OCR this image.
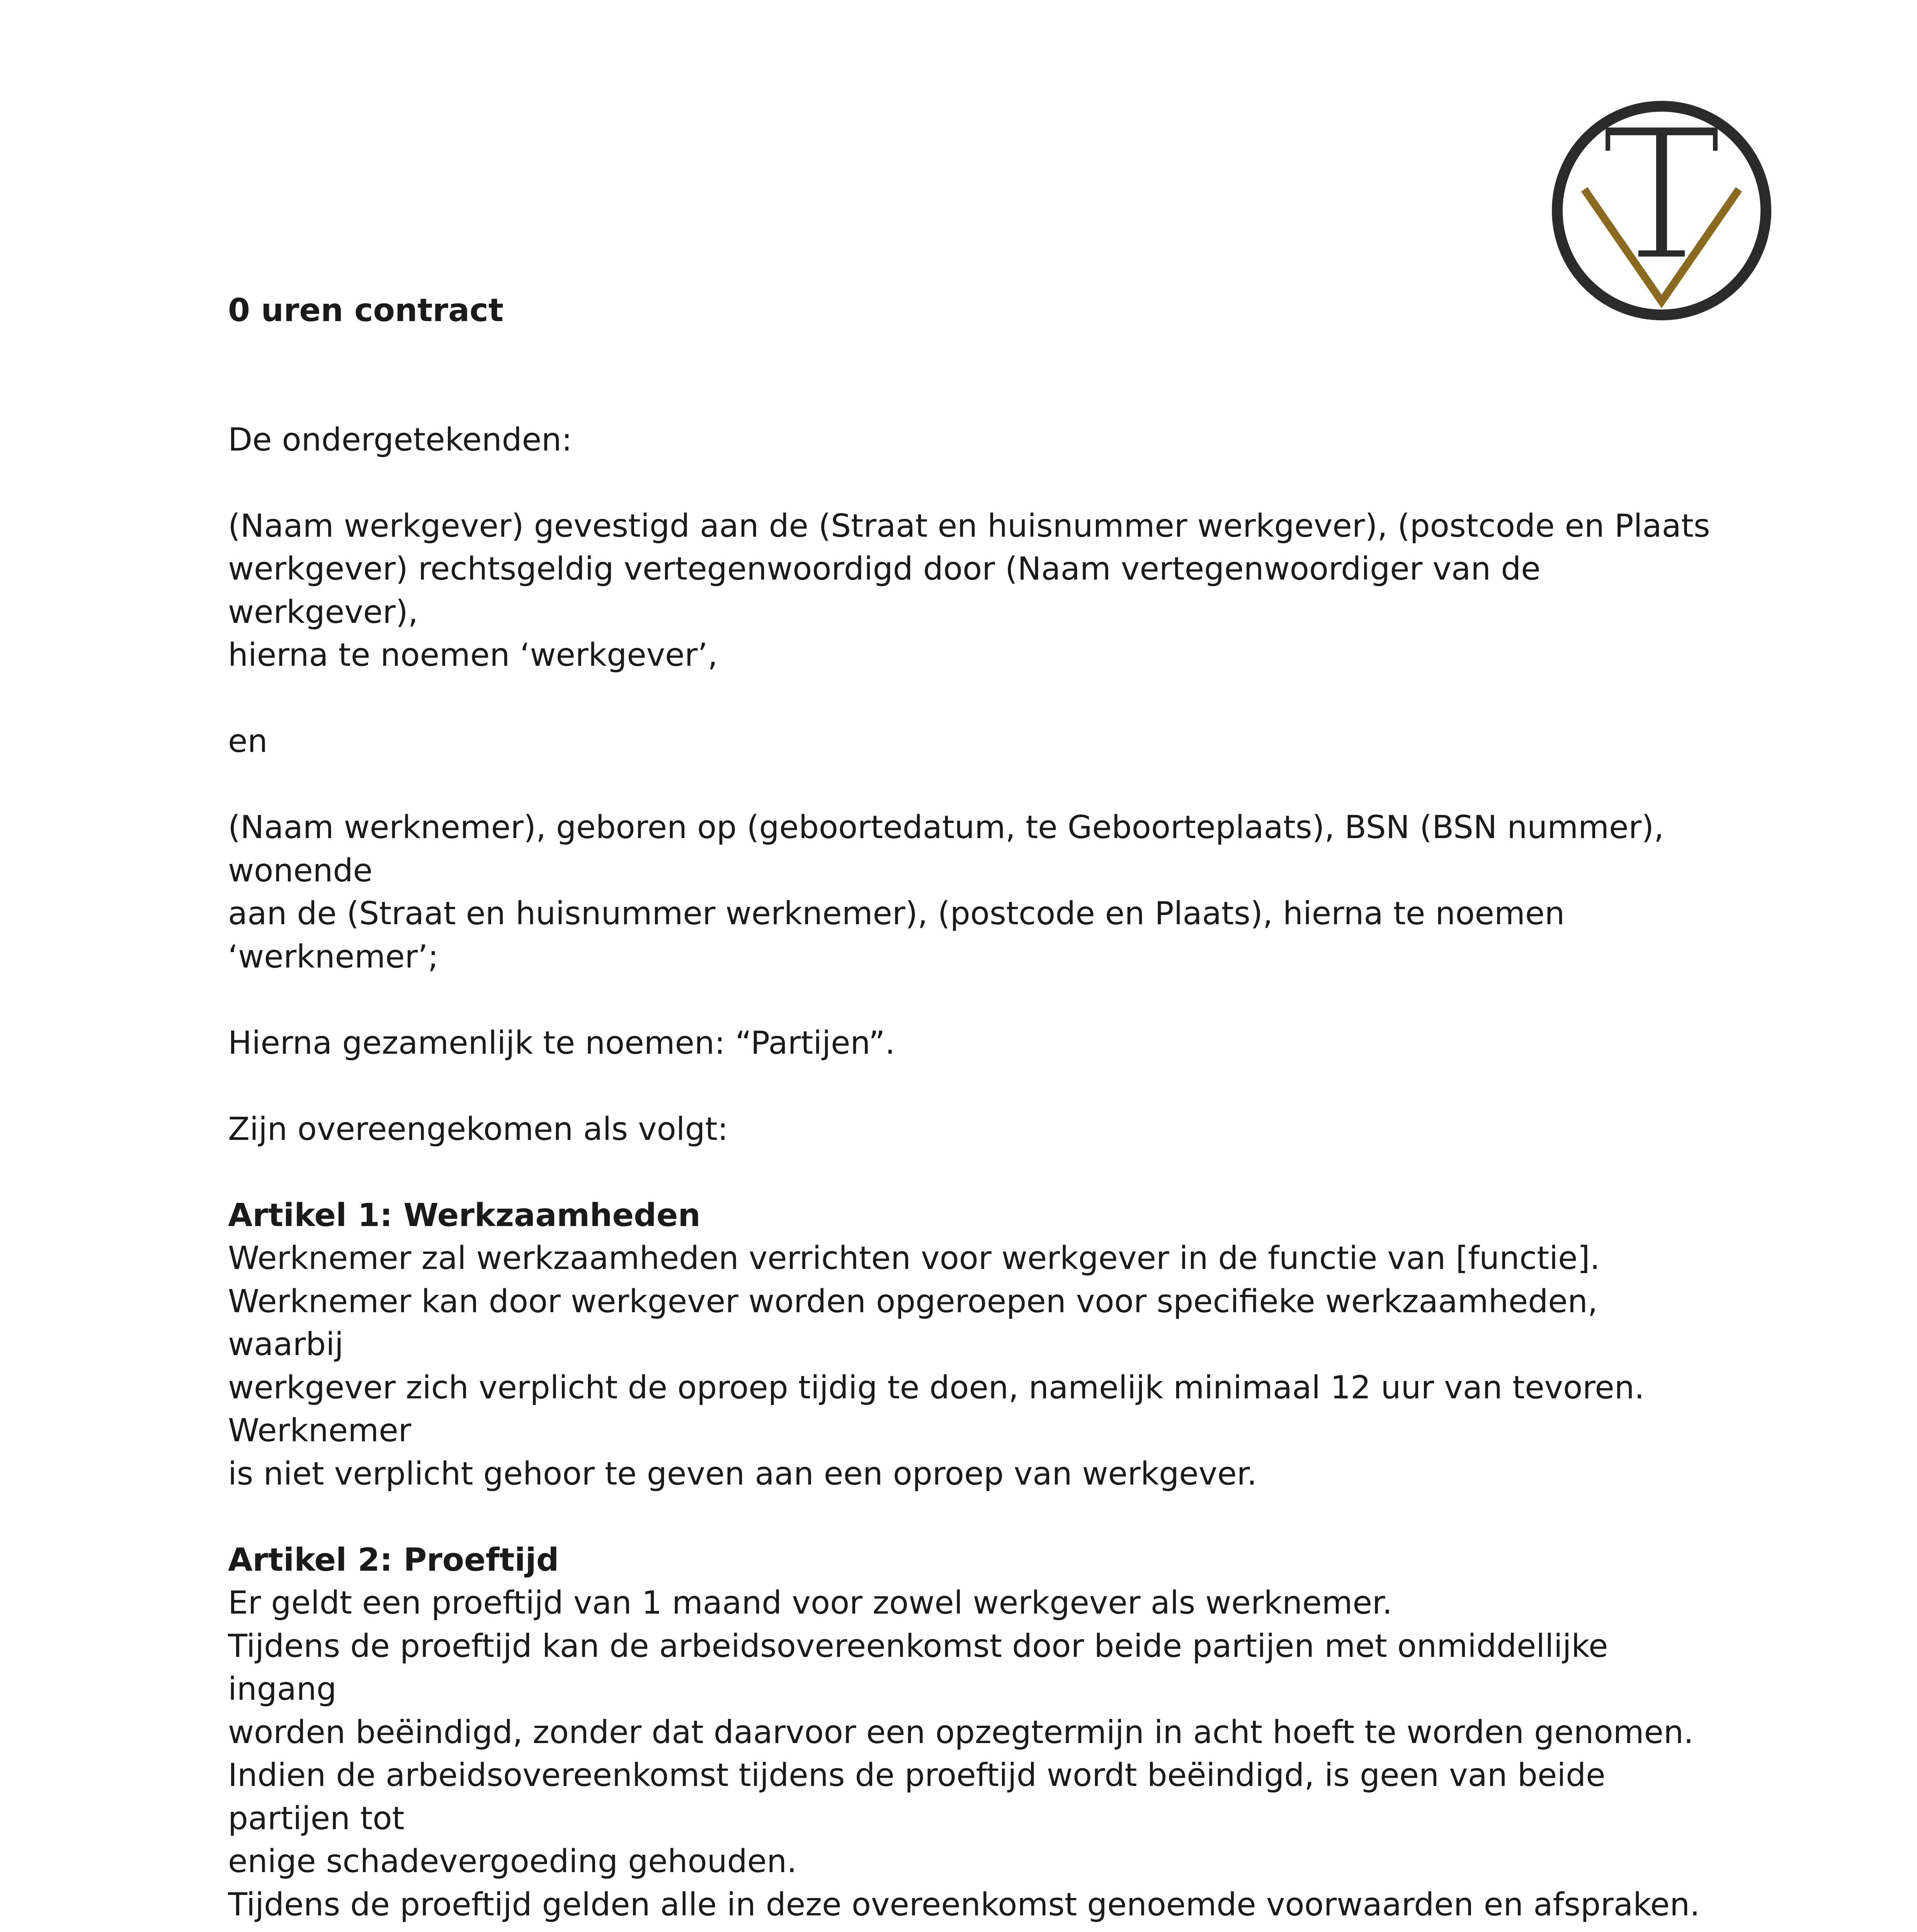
0 uren contract

De ondergetekenden:

(Naam werkgever) gevestigd aan de (Straat en huisnummer werkgever), (postcode en Plaats
werkgever) rechtsgeldig vertegenwoordigd door (Naam vertegenwoordiger van de werkgever),
hierna te noemen ‘werkgever’,

en

(Naam werknemer), geboren op (geboortedatum, te Geboorteplaats), BSN (BSN nummer), wonende
aan de (Straat en huisnummer werknemer), (postcode en Plaats), hierna te noemen ‘werknemer’;

Hierna gezamenlijk te noemen: “Partijen”.

Zijn overeengekomen als volgt:

Artikel 1: Werkzaamheden

Werknemer zal werkzaamheden verrichten voor werkgever in de functie van [functie].
Werknemer kan door werkgever worden opgeroepen voor specifieke werkzaamheden, waarbij
werkgever zich verplicht de oproep tijdig te doen, namelijk minimaal 12 uur van tevoren. Werknemer
is niet verplicht gehoor te geven aan een oproep van werkgever.

Artikel 2: Proeftijd

Er geldt een proeftijd van 1 maand voor zowel werkgever als werknemer.
Tijdens de proeftijd kan de arbeidsovereenkomst door beide partijen met onmiddellijke ingang
worden beëindigd, zonder dat daarvoor een opzegtermijn in acht hoeft te worden genomen.
Indien de arbeidsovereenkomst tijdens de proeftijd wordt beëindigd, is geen van beide partijen tot
enige schadevergoeding gehouden.
Tijdens de proeftijd gelden alle in deze overeenkomst genoemde voorwaarden en afspraken.
